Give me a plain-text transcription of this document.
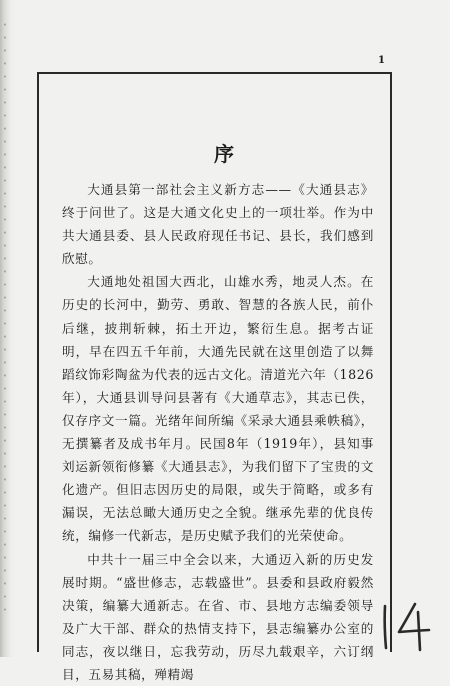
1
序

大通县第一部社会主义新方志——《大通县志》终于问世了。这是大通文化史上的一项壮举。作为中共大通县委、县人民政府现任书记、县长，我们感到欣慰。

大通地处祖国大西北，山雄水秀，地灵人杰。在历史的长河中，勤劳、勇敢、智慧的各族人民，前仆后继，披荆斩棘，拓土开边，繁衍生息。据考古证明，早在四五千年前，大通先民就在这里创造了以舞蹈纹饰彩陶盆为代表的远古文化。清道光六年（1826年），大通县训导问县著有《大通草志》，其志已佚，仅存序文一篇。光绪年间所编《采录大通县乘帙稿》，无撰纂者及成书年月。民国8年（1919年），县知事刘运新领衔修纂《大通县志》，为我们留下了宝贵的文化遗产。但旧志因历史的局限，或失于简略，或多有漏误，无法总瞰大通历史之全貌。继承先辈的优良传统，编修一代新志，是历史赋予我们的光荣使命。

中共十一届三中全会以来，大通迈入新的历史发展时期。“盛世修志，志载盛世”。县委和县政府毅然决策，编纂大通新志。在省、市、县地方志编委领导及广大干部、群众的热情支持下，县志编纂办公室的同志，夜以继日，忘我劳动，历尽九载艰辛，六订纲目，五易其稿，殚精竭
